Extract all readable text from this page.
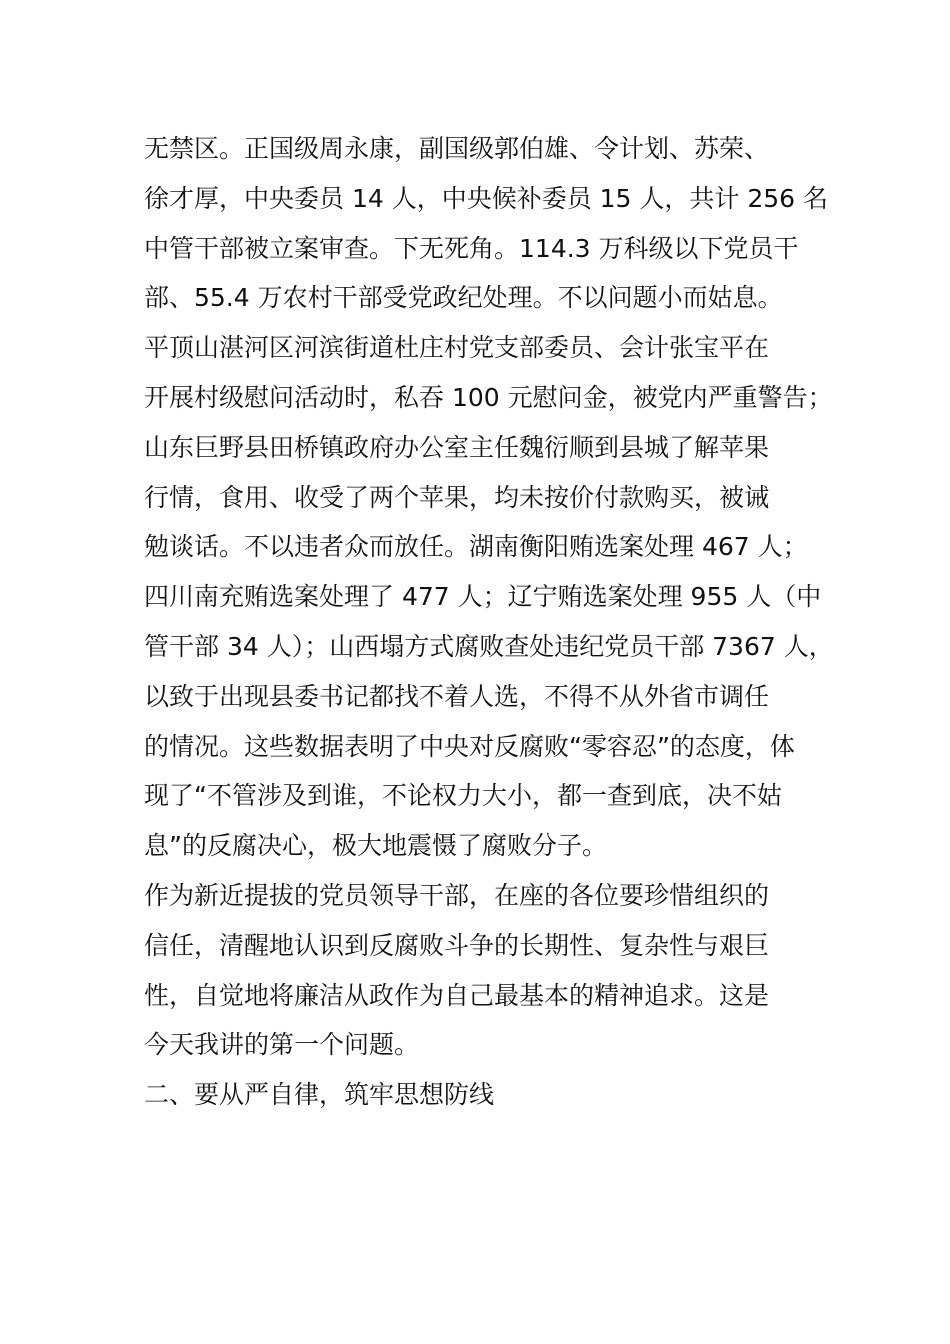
无禁区。正国级周永康，副国级郭伯雄、令计划、苏荣、
徐才厚，中央委员 14 人，中央候补委员 15 人，共计 256 名
中管干部被立案审查。下无死角。114.3 万科级以下党员干
部、55.4 万农村干部受党政纪处理。不以问题小而姑息。
平顶山湛河区河滨街道杜庄村党支部委员、会计张宝平在
开展村级慰问活动时，私吞 100 元慰问金，被党内严重警告；
山东巨野县田桥镇政府办公室主任魏衍顺到县城了解苹果
行情，食用、收受了两个苹果，均未按价付款购买，被诫
勉谈话。不以违者众而放任。湖南衡阳贿选案处理 467 人；
四川南充贿选案处理了 477 人；辽宁贿选案处理 955 人（中
管干部 34 人）；山西塌方式腐败查处违纪党员干部 7367 人，
以致于出现县委书记都找不着人选，不得不从外省市调任
的情况。这些数据表明了中央对反腐败“零容忍”的态度，体
现了“不管涉及到谁，不论权力大小，都一查到底，决不姑
息”的反腐决心，极大地震慑了腐败分子。
作为新近提拔的党员领导干部，在座的各位要珍惜组织的
信任，清醒地认识到反腐败斗争的长期性、复杂性与艰巨
性，自觉地将廉洁从政作为自己最基本的精神追求。这是
今天我讲的第一个问题。
二、要从严自律，筑牢思想防线
